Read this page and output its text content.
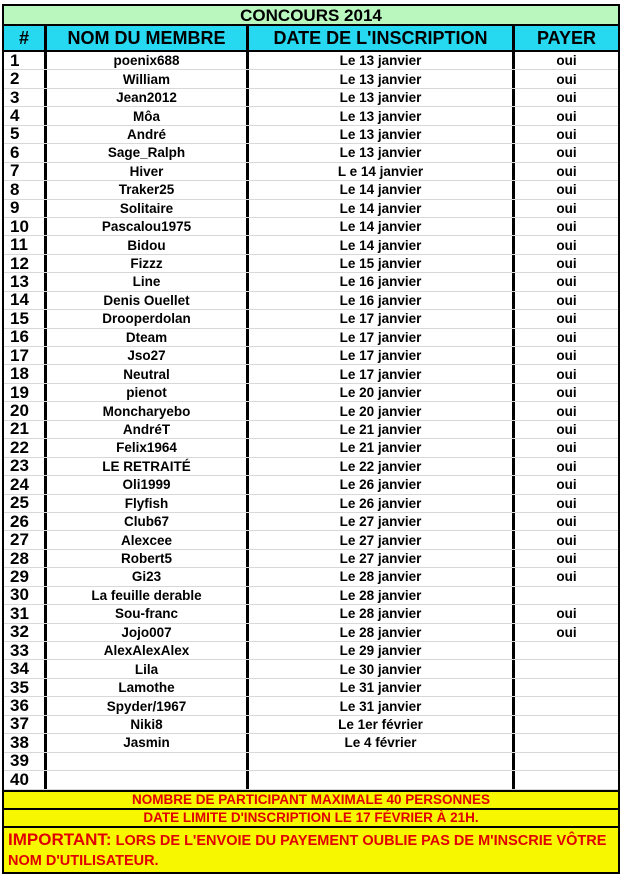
CONCOURS 2014
#	NOM DU MEMBRE	DATE DE L'INSCRIPTION	PAYER
1	poenix688	Le 13 janvier	oui
2	William	Le 13 janvier	oui
3	Jean2012	Le 13 janvier	oui
4	Môa	Le 13 janvier	oui
5	André	Le 13 janvier	oui
6	Sage_Ralph	Le 13 janvier	oui
7	Hiver	L e 14 janvier	oui
8	Traker25	Le 14 janvier	oui
9	Solitaire	Le 14 janvier	oui
10	Pascalou1975	Le 14 janvier	oui
11	Bidou	Le 14 janvier	oui
12	Fizzz	Le 15 janvier	oui
13	Line	Le 16 janvier	oui
14	Denis Ouellet	Le 16 janvier	oui
15	Drooperdolan	Le 17 janvier	oui
16	Dteam	Le 17 janvier	oui
17	Jso27	Le 17 janvier	oui
18	Neutral	Le 17 janvier	oui
19	pienot	Le 20 janvier	oui
20	Moncharyebo	Le 20 janvier	oui
21	AndréT	Le 21 janvier	oui
22	Felix1964	Le 21 janvier	oui
23	LE RETRAITÉ	Le 22 janvier	oui
24	Oli1999	Le 26 janvier	oui
25	Flyfish	Le 26 janvier	oui
26	Club67	Le 27 janvier	oui
27	Alexcee	Le 27 janvier	oui
28	Robert5	Le 27 janvier	oui
29	Gi23	Le 28 janvier	oui
30	La feuille derable	Le 28 janvier
31	Sou-franc	Le 28 janvier	oui
32	Jojo007	Le 28 janvier	oui
33	AlexAlexAlex	Le 29 janvier
34	Lila	Le 30 janvier
35	Lamothe	Le 31 janvier
36	Spyder/1967	Le 31 janvier
37	Niki8	Le 1er février
38	Jasmin	Le 4 février
39
40
NOMBRE DE PARTICIPANT MAXIMALE 40 PERSONNES
DATE LIMITE D'INSCRIPTION LE 17 FÉVRIER À 21H.
IMPORTANT: LORS DE L'ENVOIE DU PAYEMENT OUBLIE PAS DE M'INSCRIE VÔTRE NOM D'UTILISATEUR.
